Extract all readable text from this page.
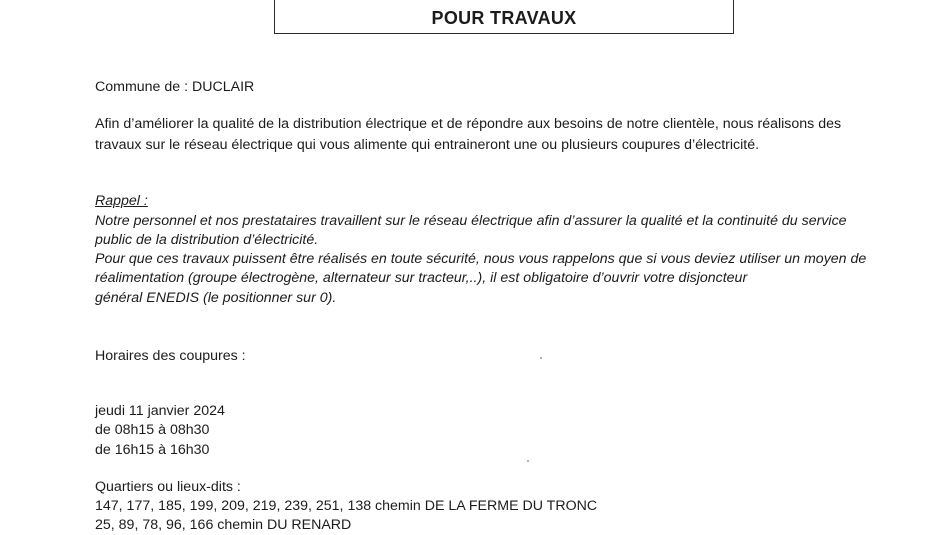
POUR TRAVAUX
Commune de : DUCLAIR
Afin d’améliorer la qualité de la distribution électrique et de répondre aux besoins de notre clientèle, nous réalisons des
travaux sur le réseau électrique qui vous alimente qui entraineront une ou plusieurs coupures d’électricité.
Rappel :
Notre personnel et nos prestataires travaillent sur le réseau électrique afin d’assurer la qualité et la continuité du service
public de la distribution d’électricité.
Pour que ces travaux puissent être réalisés en toute sécurité, nous vous rappelons que si vous deviez utiliser un moyen de
réalimentation (groupe électrogène, alternateur sur tracteur,..), il est obligatoire d’ouvrir votre disjoncteur
général ENEDIS (le positionner sur 0).
Horaires des coupures :
jeudi 11 janvier 2024
de 08h15 à 08h30
de 16h15 à 16h30
Quartiers ou lieux-dits :
147, 177, 185, 199, 209, 219, 239, 251, 138 chemin DE LA FERME DU TRONC
25, 89, 78, 96, 166 chemin DU RENARD
